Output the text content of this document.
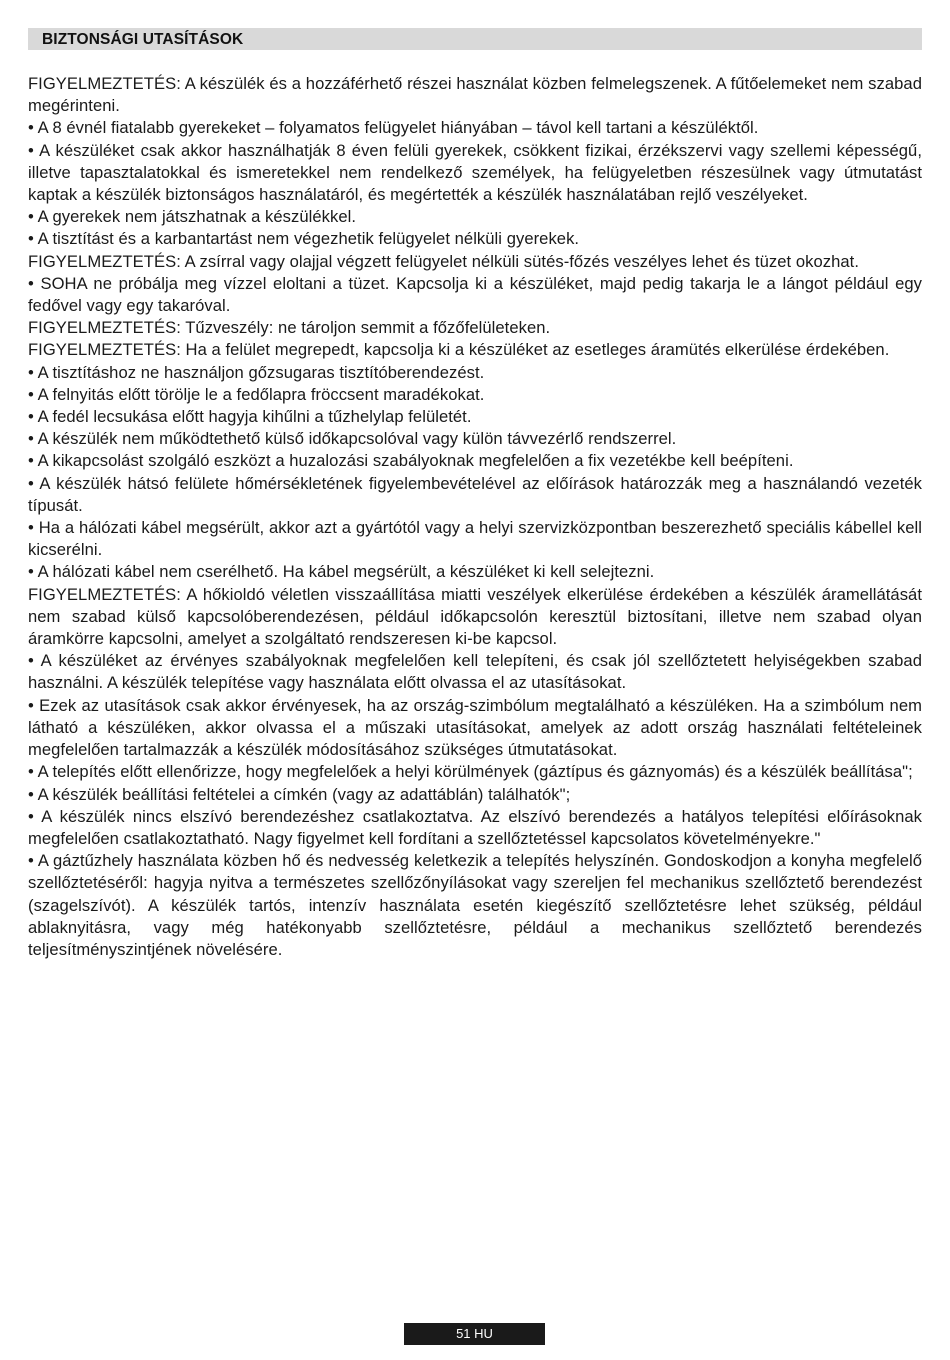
BIZTONSÁGI UTASÍTÁSOK

FIGYELMEZTETÉS: A készülék és a hozzáférhető részei használat közben felmelegszenek. A fűtőelemeket nem szabad megérinteni.

• A 8 évnél fiatalabb gyerekeket – folyamatos felügyelet hiányában – távol kell tartani a készüléktől.

• A készüléket csak akkor használhatják 8 éven felüli gyerekek, csökkent fizikai, érzékszervi vagy szellemi képességű, illetve tapasztalatokkal és ismeretekkel nem rendelkező személyek, ha felügyeletben részesülnek vagy útmutatást kaptak a készülék biztonságos használatáról, és megértették a készülék használatában rejlő veszélyeket.

• A gyerekek nem játszhatnak a készülékkel.

• A tisztítást és a karbantartást nem végezhetik felügyelet nélküli gyerekek.

FIGYELMEZTETÉS: A zsírral vagy olajjal végzett felügyelet nélküli sütés-főzés veszélyes lehet és tüzet okozhat.

• SOHA ne próbálja meg vízzel eloltani a tüzet. Kapcsolja ki a készüléket, majd pedig takarja le a lángot például egy fedővel vagy egy takaróval.

FIGYELMEZTETÉS: Tűzveszély: ne tároljon semmit a főzőfelületeken.

FIGYELMEZTETÉS: Ha a felület megrepedt, kapcsolja ki a készüléket az esetleges áramütés elkerülése érdekében.

• A tisztításhoz ne használjon gőzsugaras tisztítóberendezést.

• A felnyitás előtt törölje le a fedőlapra fröccsent maradékokat.

• A fedél lecsukása előtt hagyja kihűlni a tűzhelylap felületét.

• A készülék nem működtethető külső időkapcsolóval vagy külön távvezérlő rendszerrel.

• A kikapcsolást szolgáló eszközt a huzalozási szabályoknak megfelelően a fix vezetékbe kell beépíteni.

• A készülék hátsó felülete hőmérsékletének figyelembevételével az előírások határozzák meg a használandó vezeték típusát.

• Ha a hálózati kábel megsérült, akkor azt a gyártótól vagy a helyi szervizközpontban beszerezhető speciális kábellel kell kicserélni.

• A hálózati kábel nem cserélhető. Ha kábel megsérült, a készüléket ki kell selejtezni.

FIGYELMEZTETÉS: A hőkioldó véletlen visszaállítása miatti veszélyek elkerülése érdekében a készülék áramellátását nem szabad külső kapcsolóberendezésen, például időkapcsolón keresztül biztosítani, illetve nem szabad olyan áramkörre kapcsolni, amelyet a szolgáltató rendszeresen ki-be kapcsol.

• A készüléket az érvényes szabályoknak megfelelően kell telepíteni, és csak jól szellőztetett helyiségekben szabad használni. A készülék telepítése vagy használata előtt olvassa el az utasításokat.

• Ezek az utasítások csak akkor érvényesek, ha az ország-szimbólum megtalálható a készüléken. Ha a szimbólum nem látható a készüléken, akkor olvassa el a műszaki utasításokat, amelyek az adott ország használati feltételeinek megfelelően tartalmazzák a készülék módosításához szükséges útmutatásokat.

• A telepítés előtt ellenőrizze, hogy megfelelőek a helyi körülmények (gáztípus és gáznyomás) és a készülék beállítása";

• A készülék beállítási feltételei a címkén (vagy az adattáblán) találhatók";

• A készülék nincs elszívó berendezéshez csatlakoztatva. Az elszívó berendezés a hatályos telepítési előírásoknak megfelelően csatlakoztatható. Nagy figyelmet kell fordítani a szellőztetéssel kapcsolatos követelményekre."

• A gáztűzhely használata közben hő és nedvesség keletkezik a telepítés helyszínén. Gondoskodjon a konyha megfelelő szellőztetéséről: hagyja nyitva a természetes szellőzőnyílásokat vagy szereljen fel mechanikus szellőztető berendezést (szagelszívót). A készülék tartós, intenzív használata esetén kiegészítő szellőztetésre lehet szükség, például ablaknyitásra, vagy még hatékonyabb szellőztetésre, például a mechanikus szellőztető berendezés teljesítményszintjének növelésére.

51 HU
